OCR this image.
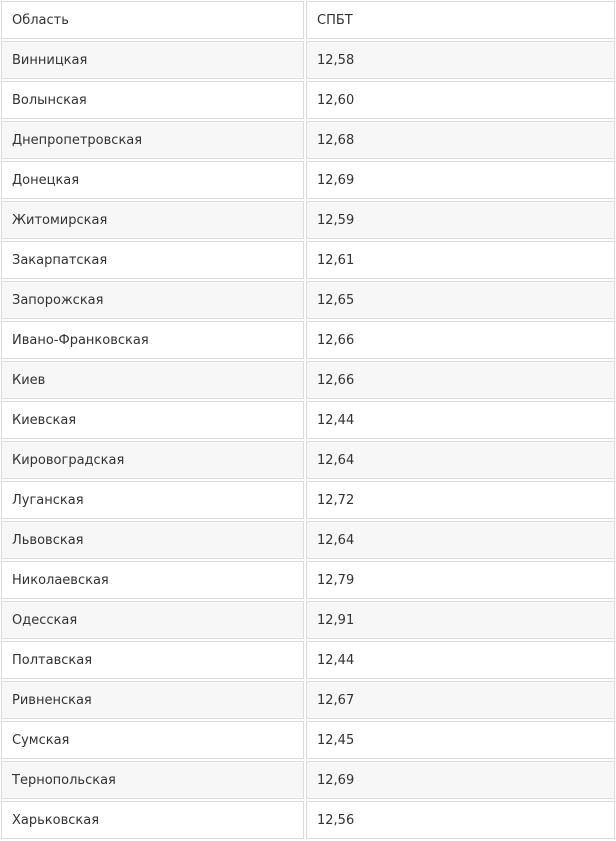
Область	СПБТ
Винницкая	12,58
Волынская	12,60
Днепропетровская	12,68
Донецкая	12,69
Житомирская	12,59
Закарпатская	12,61
Запорожская	12,65
Ивано-Франковская	12,66
Киев	12,66
Киевская	12,44
Кировоградская	12,64
Луганская	12,72
Львовская	12,64
Николаевская	12,79
Одесская	12,91
Полтавская	12,44
Ривненская	12,67
Сумская	12,45
Тернопольская	12,69
Харьковская	12,56
